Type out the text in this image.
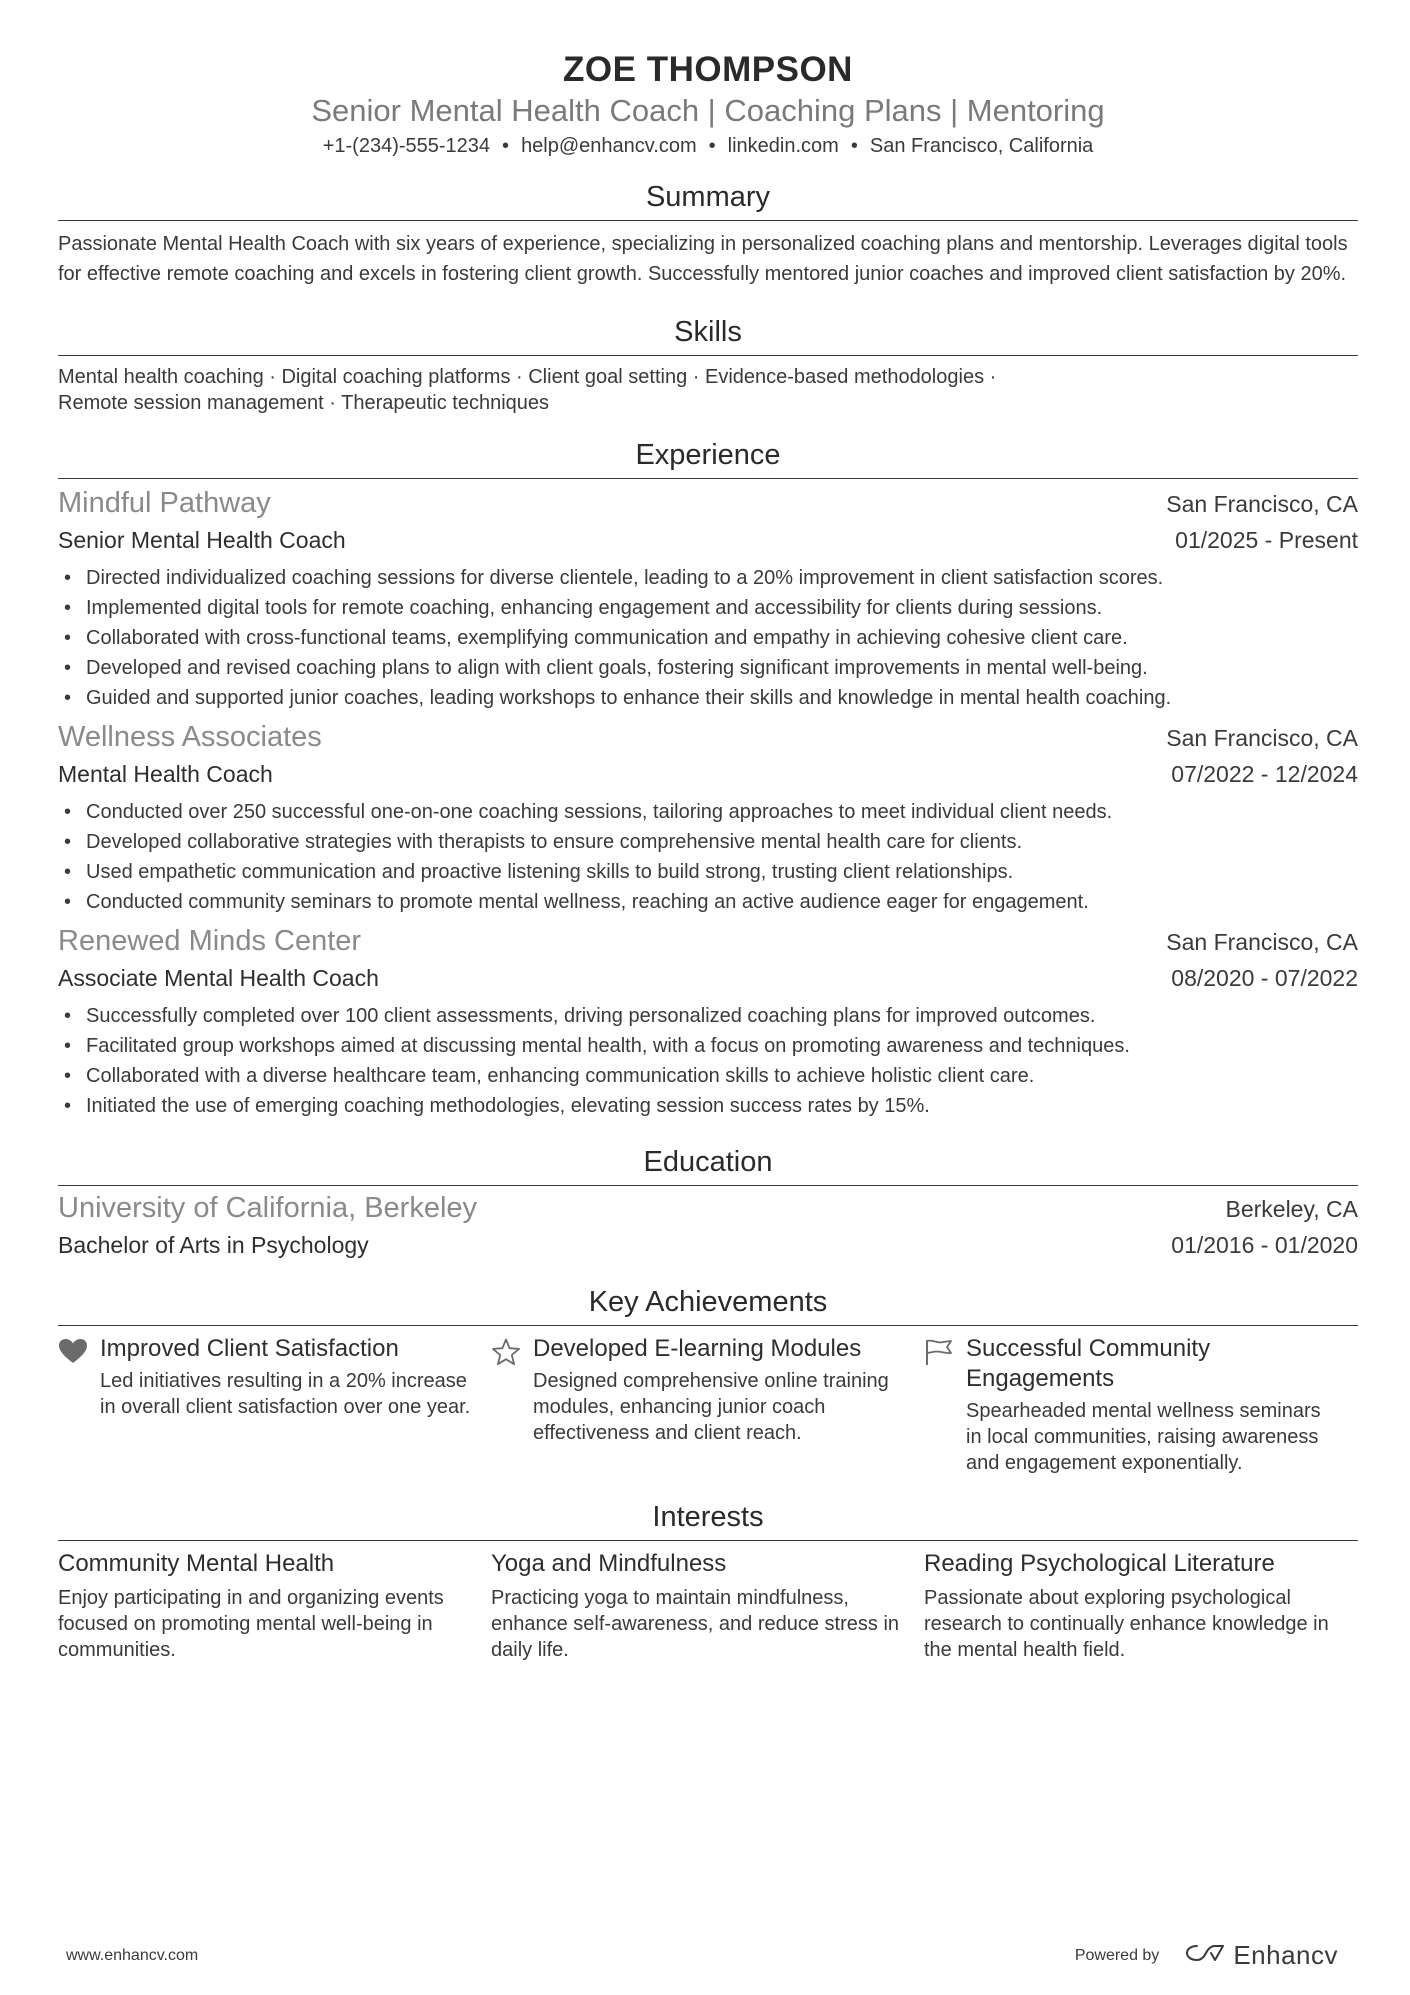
ZOE THOMPSON
Senior Mental Health Coach | Coaching Plans | Mentoring
+1-(234)-555-1234 • help@enhancv.com • linkedin.com • San Francisco, California
Summary

Passionate Mental Health Coach with six years of experience, specializing in personalized coaching plans and mentorship. Leverages digital tools for effective remote coaching and excels in fostering client growth. Successfully mentored junior coaches and improved client satisfaction by 20%.

Skills
Mental health coaching · Digital coaching platforms · Client goal setting · Evidence-based methodologies ·
Remote session management · Therapeutic techniques
Experience
Mindful Pathway	San Francisco, CA
Senior Mental Health Coach	01/2025 - Present
• Directed individualized coaching sessions for diverse clientele, leading to a 20% improvement in client satisfaction scores.
• Implemented digital tools for remote coaching, enhancing engagement and accessibility for clients during sessions.
• Collaborated with cross-functional teams, exemplifying communication and empathy in achieving cohesive client care.
• Developed and revised coaching plans to align with client goals, fostering significant improvements in mental well-being.
• Guided and supported junior coaches, leading workshops to enhance their skills and knowledge in mental health coaching.
Wellness Associates	San Francisco, CA
Mental Health Coach	07/2022 - 12/2024
• Conducted over 250 successful one-on-one coaching sessions, tailoring approaches to meet individual client needs.
• Developed collaborative strategies with therapists to ensure comprehensive mental health care for clients.
• Used empathetic communication and proactive listening skills to build strong, trusting client relationships.
• Conducted community seminars to promote mental wellness, reaching an active audience eager for engagement.
Renewed Minds Center	San Francisco, CA
Associate Mental Health Coach	08/2020 - 07/2022
• Successfully completed over 100 client assessments, driving personalized coaching plans for improved outcomes.
• Facilitated group workshops aimed at discussing mental health, with a focus on promoting awareness and techniques.
• Collaborated with a diverse healthcare team, enhancing communication skills to achieve holistic client care.
• Initiated the use of emerging coaching methodologies, elevating session success rates by 15%.
Education
University of California, Berkeley	Berkeley, CA
Bachelor of Arts in Psychology	01/2016 - 01/2020
Key Achievements
Improved Client Satisfaction
Led initiatives resulting in a 20% increase in overall client satisfaction over one year.
Developed E-learning Modules
Designed comprehensive online training modules, enhancing junior coach effectiveness and client reach.
Successful Community Engagements
Spearheaded mental wellness seminars in local communities, raising awareness and engagement exponentially.
Interests
Community Mental Health
Enjoy participating in and organizing events focused on promoting mental well-being in communities.
Yoga and Mindfulness
Practicing yoga to maintain mindfulness, enhance self-awareness, and reduce stress in daily life.
Reading Psychological Literature
Passionate about exploring psychological research to continually enhance knowledge in the mental health field.
www.enhancv.com	Powered by	Enhancv
